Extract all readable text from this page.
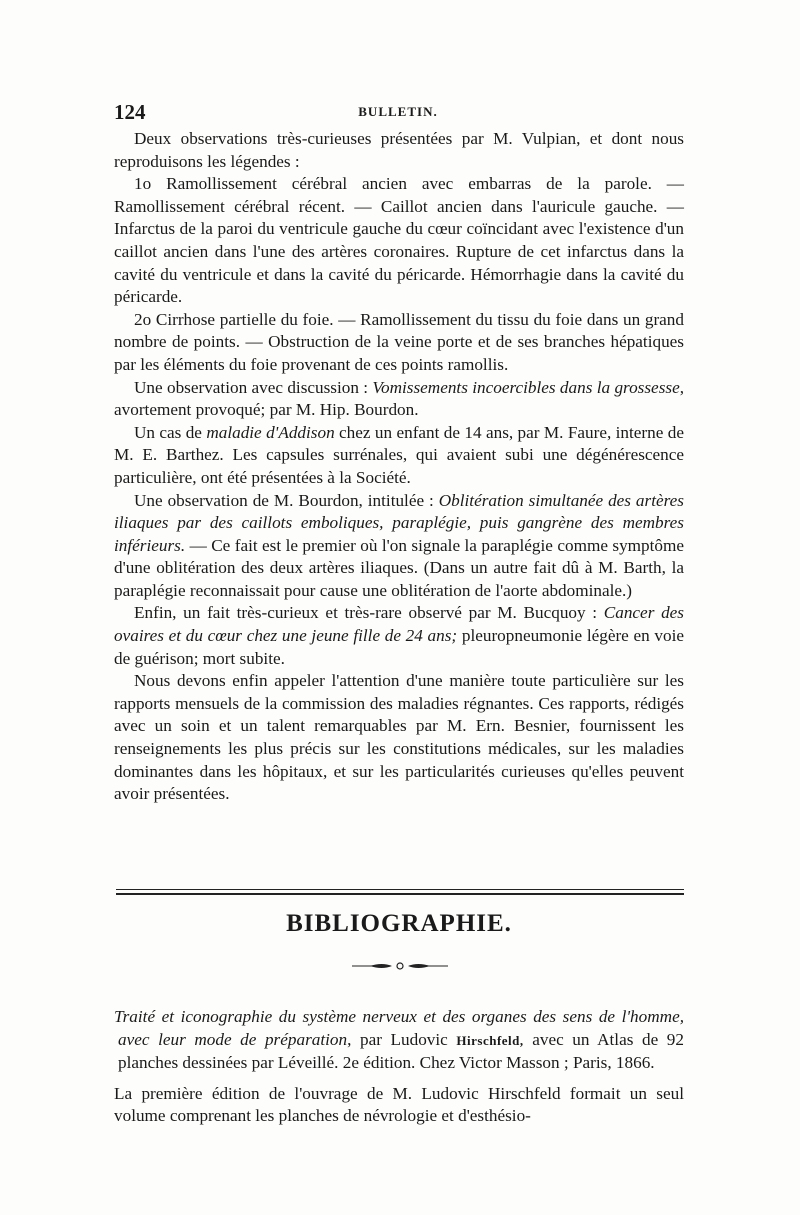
124	BULLETIN.

Deux observations très-curieuses présentées par M. Vulpian, et dont nous reproduisons les légendes :

1o Ramollissement cérébral ancien avec embarras de la parole. — Ramollissement cérébral récent. — Caillot ancien dans l'auricule gauche. — Infarctus de la paroi du ventricule gauche du cœur coïncidant avec l'existence d'un caillot ancien dans l'une des artères coronaires. Rupture de cet infarctus dans la cavité du ventricule et dans la cavité du péricarde. Hémorrhagie dans la cavité du péricarde.

2o Cirrhose partielle du foie. — Ramollissement du tissu du foie dans un grand nombre de points. — Obstruction de la veine porte et de ses branches hépatiques par les éléments du foie provenant de ces points ramollis.

Une observation avec discussion : Vomissements incoercibles dans la grossesse, avortement provoqué; par M. Hip. Bourdon.

Un cas de maladie d'Addison chez un enfant de 14 ans, par M. Faure, interne de M. E. Barthez. Les capsules surrénales, qui avaient subi une dégénérescence particulière, ont été présentées à la Société.

Une observation de M. Bourdon, intitulée : Oblitération simultanée des artères iliaques par des caillots emboliques, paraplégie, puis gangrène des membres inférieurs. — Ce fait est le premier où l'on signale la paraplégie comme symptôme d'une oblitération des deux artères iliaques. (Dans un autre fait dû à M. Barth, la paraplégie reconnaissait pour cause une oblitération de l'aorte abdominale.)

Enfin, un fait très-curieux et très-rare observé par M. Bucquoy : Cancer des ovaires et du cœur chez une jeune fille de 24 ans; pleuropneumonie légère en voie de guérison; mort subite.

Nous devons enfin appeler l'attention d'une manière toute particulière sur les rapports mensuels de la commission des maladies régnantes. Ces rapports, rédigés avec un soin et un talent remarquables par M. Ern. Besnier, fournissent les renseignements les plus précis sur les constitutions médicales, sur les maladies dominantes dans les hôpitaux, et sur les particularités curieuses qu'elles peuvent avoir présentées.

BIBLIOGRAPHIE.

Traité et iconographie du système nerveux et des organes des sens de l'homme, avec leur mode de préparation, par Ludovic Hirschfeld, avec un Atlas de 92 planches dessinées par Léveillé. 2e édition. Chez Victor Masson ; Paris, 1866.

La première édition de l'ouvrage de M. Ludovic Hirschfeld formait un seul volume comprenant les planches de névrologie et d'esthésio-
